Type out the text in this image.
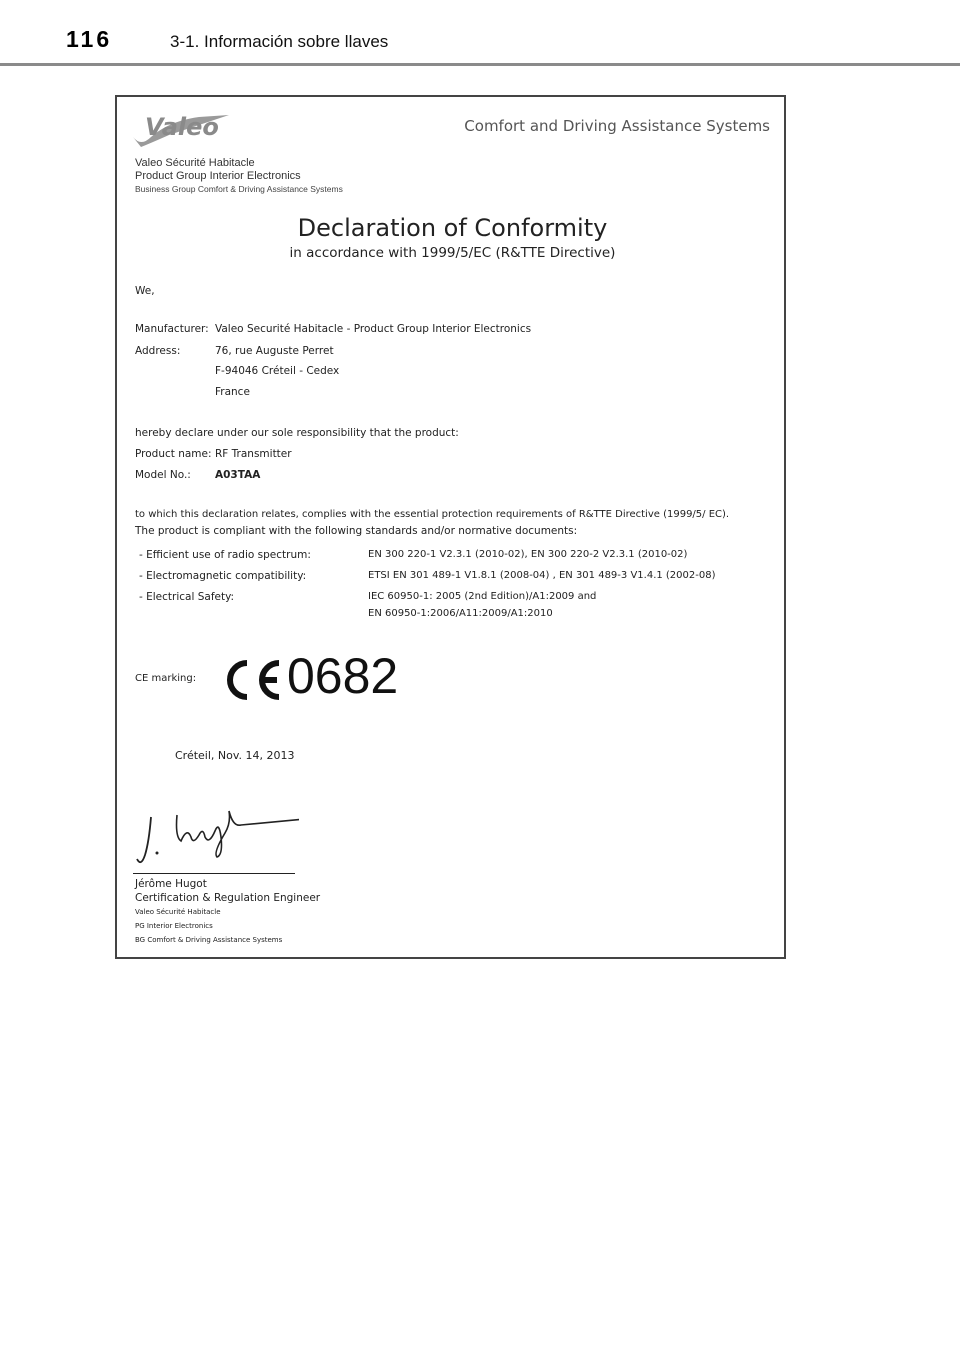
116	3-1. Información sobre llaves
Valeo	Comfort and Driving Assistance Systems
Valeo Sécurité Habitacle
Product Group Interior Electronics
Business Group Comfort & Driving Assistance Systems
Declaration of Conformity
in accordance with 1999/5/EC (R&TTE Directive)
We,
Manufacturer: Valeo Securité Habitacle - Product Group Interior Electronics
Address:	76, rue Auguste Perret
F-94046 Créteil - Cedex
France
hereby declare under our sole responsibility that the product:
Product name: RF Transmitter
Model No.: A03TAA
to which this declaration relates, complies with the essential protection requirements of R&TTE Directive (1999/5/ EC).
The product is compliant with the following standards and/or normative documents:
- Efficient use of radio spectrum:	EN 300 220-1 V2.3.1 (2010-02), EN 300 220-2 V2.3.1 (2010-02)
- Electromagnetic compatibility:	ETSI EN 301 489-1 V1.8.1 (2008-04) , EN 301 489-3 V1.4.1 (2002-08)
- Electrical Safety:	IEC 60950-1: 2005 (2nd Edition)/A1:2009 and
EN 60950-1:2006/A11:2009/A1:2010
CE marking: 0682
Créteil, Nov. 14, 2013
Jérôme Hugot
Certification & Regulation Engineer
Valeo Sécurité Habitacle
PG Interior Electronics
BG Comfort & Driving Assistance Systems
